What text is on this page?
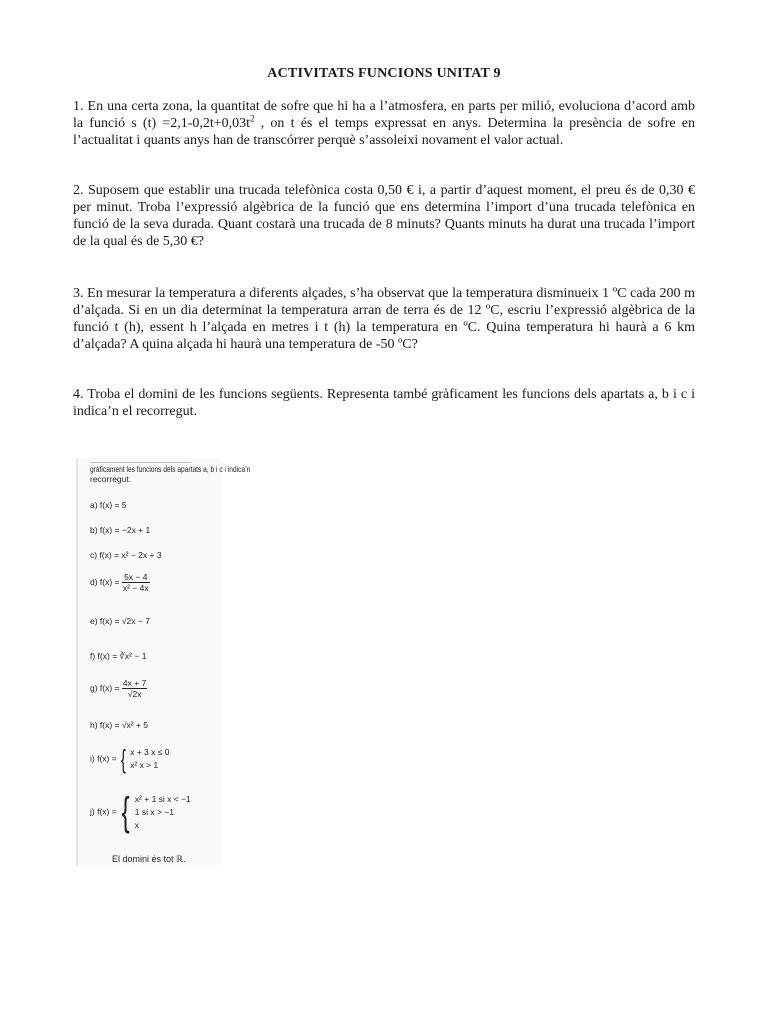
ACTIVITATS FUNCIONS UNITAT 9

1. En una certa zona, la quantitat de sofre que hi ha a l’atmosfera, en parts per milió, evoluciona d’acord amb la funció s $(t) =2,1-0,2t+0,03t^2$ , on t és el temps expressat en anys. Determina la presència de sofre en l’actualitat i quants anys han de transcórrer perquè s’assoleixi novament el valor actual.

2. Suposem que establir una trucada telefònica costa 0,50 € i, a partir d’aquest moment, el preu és de 0,30 € per minut. Troba l’expressió algèbrica de la funció que ens determina l’import d’una trucada telefònica en funció de la seva durada. Quant costarà una trucada de 8 minuts? Quants minuts ha durat una trucada l’import de la qual és de 5,30 €?

3. En mesurar la temperatura a diferents alçades, s’ha observat que la temperatura disminueix 1 ºC cada 200 m d’alçada. Si en un dia determinat la temperatura arran de terra és de 12 ºC, escriu l’expressió algèbrica de la funció t (h), essent h l’alçada en metres i t (h) la temperatura en ºC. Quina temperatura hi haurà a 6 km d’alçada? A quina alçada hi haurà una temperatura de -50 ºC?

4. Troba el domini de les funcions següents. Representa també gràficament les funcions dels apartats a, b i c i indica’n el recorregut.

gràficament les funcions dels apartats a, b i c i indica’n
recorregut.
a) f(x) = 5
b) f(x) = −2x + 1
c) f(x) = x² − 2x + 3
d) $f(x) = \frac{5x - 4}{\text{x² − 4x}}$
e) f(x) = √2x − 7
f) f(x) = ∛x² − 1
g) $f(x) = \frac{4x + 7}{√2x}$
h) f(x) = √x² + 5
i) f(x) = { x + 3 x ≤ 0
x² x > 1
j) f(x) = { x² + 1 si x < −1
1 si x > −1
x
El domini és tot ℝ.
